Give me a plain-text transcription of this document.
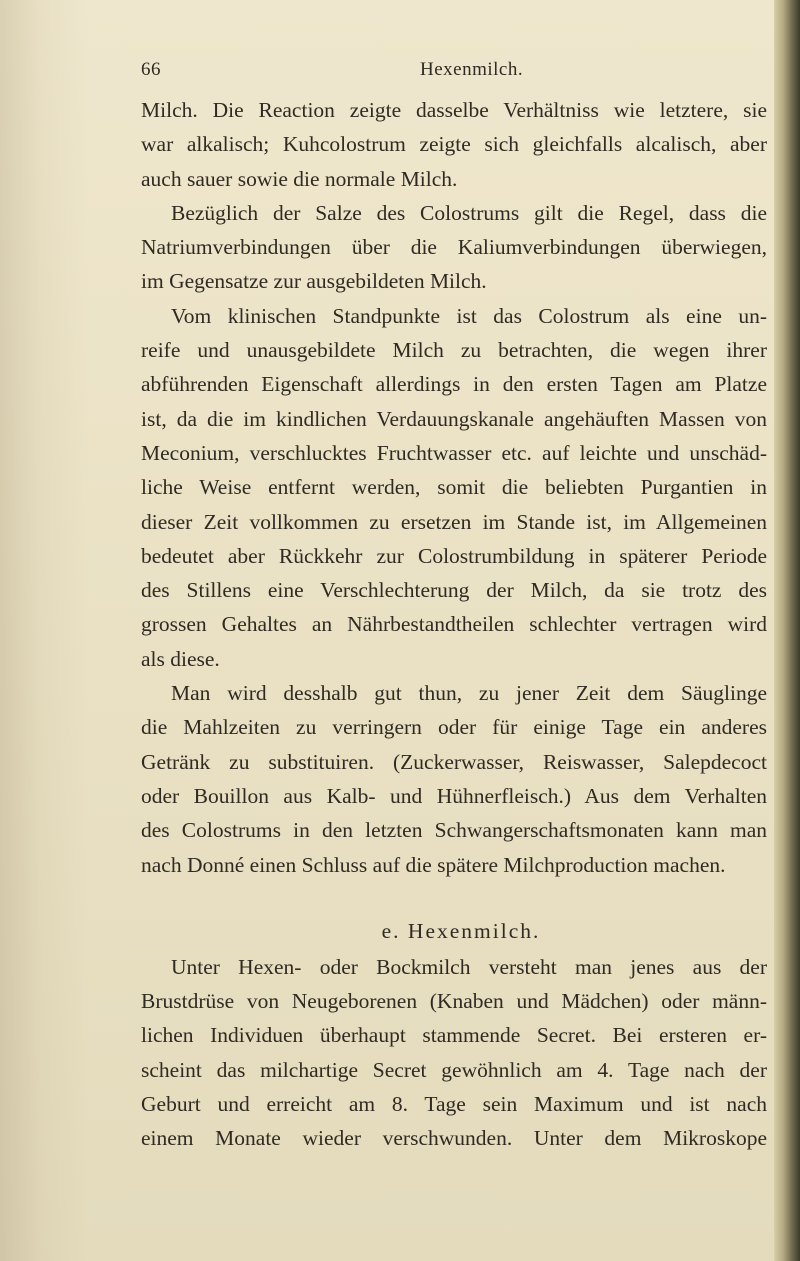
66	Hexenmilch.
Milch. Die Reaction zeigte dasselbe Verhältniss wie letztere, sie
war alkalisch; Kuhcolostrum zeigte sich gleichfalls alcalisch, aber
auch sauer sowie die normale Milch.
Bezüglich der Salze des Colostrums gilt die Regel, dass die
Natriumverbindungen über die Kaliumverbindungen überwiegen,
im Gegensatze zur ausgebildeten Milch.
Vom klinischen Standpunkte ist das Colostrum als eine un-
reife und unausgebildete Milch zu betrachten, die wegen ihrer
abführenden Eigenschaft allerdings in den ersten Tagen am Platze
ist, da die im kindlichen Verdauungskanale angehäuften Massen von
Meconium, verschlucktes Fruchtwasser etc. auf leichte und unschäd-
liche Weise entfernt werden, somit die beliebten Purgantien in
dieser Zeit vollkommen zu ersetzen im Stande ist, im Allgemeinen
bedeutet aber Rückkehr zur Colostrumbildung in späterer Periode
des Stillens eine Verschlechterung der Milch, da sie trotz des
grossen Gehaltes an Nährbestandtheilen schlechter vertragen wird
als diese.
Man wird desshalb gut thun, zu jener Zeit dem Säuglinge
die Mahlzeiten zu verringern oder für einige Tage ein anderes
Getränk zu substituiren. (Zuckerwasser, Reiswasser, Salepdecoct
oder Bouillon aus Kalb- und Hühnerfleisch.) Aus dem Verhalten
des Colostrums in den letzten Schwangerschaftsmonaten kann man
nach Donné einen Schluss auf die spätere Milchproduction machen.
e. Hexenmilch.
Unter Hexen- oder Bockmilch versteht man jenes aus der
Brustdrüse von Neugeborenen (Knaben und Mädchen) oder männ-
lichen Individuen überhaupt stammende Secret. Bei ersteren er-
scheint das milchartige Secret gewöhnlich am 4. Tage nach der
Geburt und erreicht am 8. Tage sein Maximum und ist nach
einem Monate wieder verschwunden. Unter dem Mikroskope
